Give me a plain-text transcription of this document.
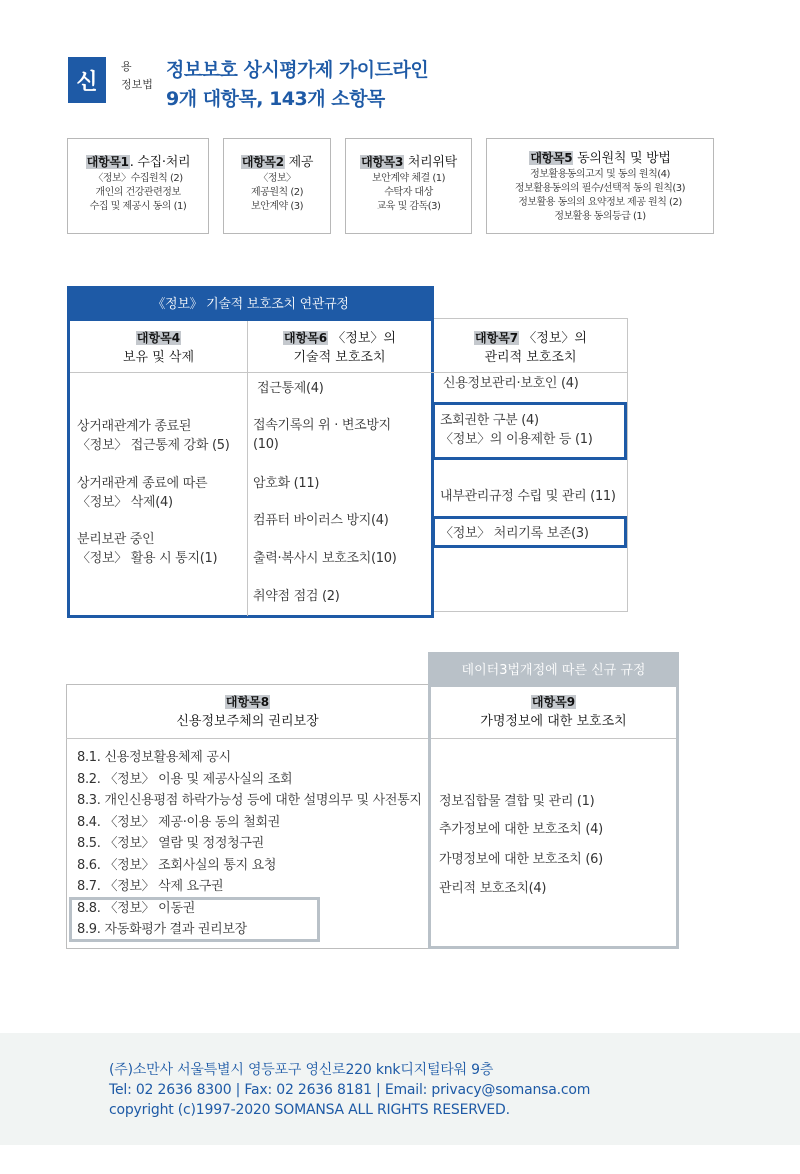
신
용
정보법
정보보호 상시평가제 가이드라인
9개 대항목, 143개 소항목
대항목1. 수집·처리
〈정보〉수집원칙 (2)
개인의 건강관련정보
수집 및 제공시 동의 (1)
대항목2 제공
〈정보〉
제공원칙 (2)
보안계약 (3)
대항목3 처리위탁
보안계약 체결 (1)
수탁자 대상
교육 및 감독(3)
대항목5 동의원칙 및 방법
정보활용동의고지 및 동의 원칙(4)
정보활용동의의 필수/선택적 동의 원칙(3)
정보활용 동의의 요약정보 제공 원칙 (2)
정보활용 동의등급 (1)
《정보》 기술적 보호조치 연관규정
대항목4
보유 및 삭제
상거래관계가 종료된
〈정보〉 접근통제 강화 (5)
상거래관계 종료에 따른
〈정보〉 삭제(4)
분리보관 중인
〈정보〉 활용 시 통지(1)
대항목6 〈정보〉의
기술적 보호조치
접근통제(4)
접속기록의 위 · 변조방지
(10)
암호화 (11)
컴퓨터 바이러스 방지(4)
출력·복사시 보호조치(10)
취약점 점검 (2)
대항목7 〈정보〉의
관리적 보호조치
신용정보관리·보호인 (4)
조회권한 구분 (4)
〈정보〉의 이용제한 등 (1)
내부관리규정 수립 및 관리 (11)
〈정보〉 처리기록 보존(3)
대항목8
신용정보주체의 권리보장
8.1. 신용정보활용체제 공시
8.2. 〈정보〉 이용 및 제공사실의 조회
8.3. 개인신용평점 하락가능성 등에 대한 설명의무 및 사전통지
8.4. 〈정보〉 제공·이용 동의 철회권
8.5. 〈정보〉 열람 및 정정청구권
8.6. 〈정보〉 조회사실의 통지 요청
8.7. 〈정보〉 삭제 요구권
8.8. 〈정보〉 이동권
8.9. 자동화평가 결과 권리보장
데이터3법개정에 따른 신규 규정
대항목9
가명정보에 대한 보호조치
정보집합물 결합 및 관리 (1)
추가정보에 대한 보호조치 (4)
가명정보에 대한 보호조치 (6)
관리적 보호조치(4)
(주)소만사 서울특별시 영등포구 영신로220 knk디지털타워 9층
Tel: 02 2636 8300 | Fax: 02 2636 8181 | Email: privacy@somansa.com
copyright (c)1997-2020 SOMANSA ALL RIGHTS RESERVED.
